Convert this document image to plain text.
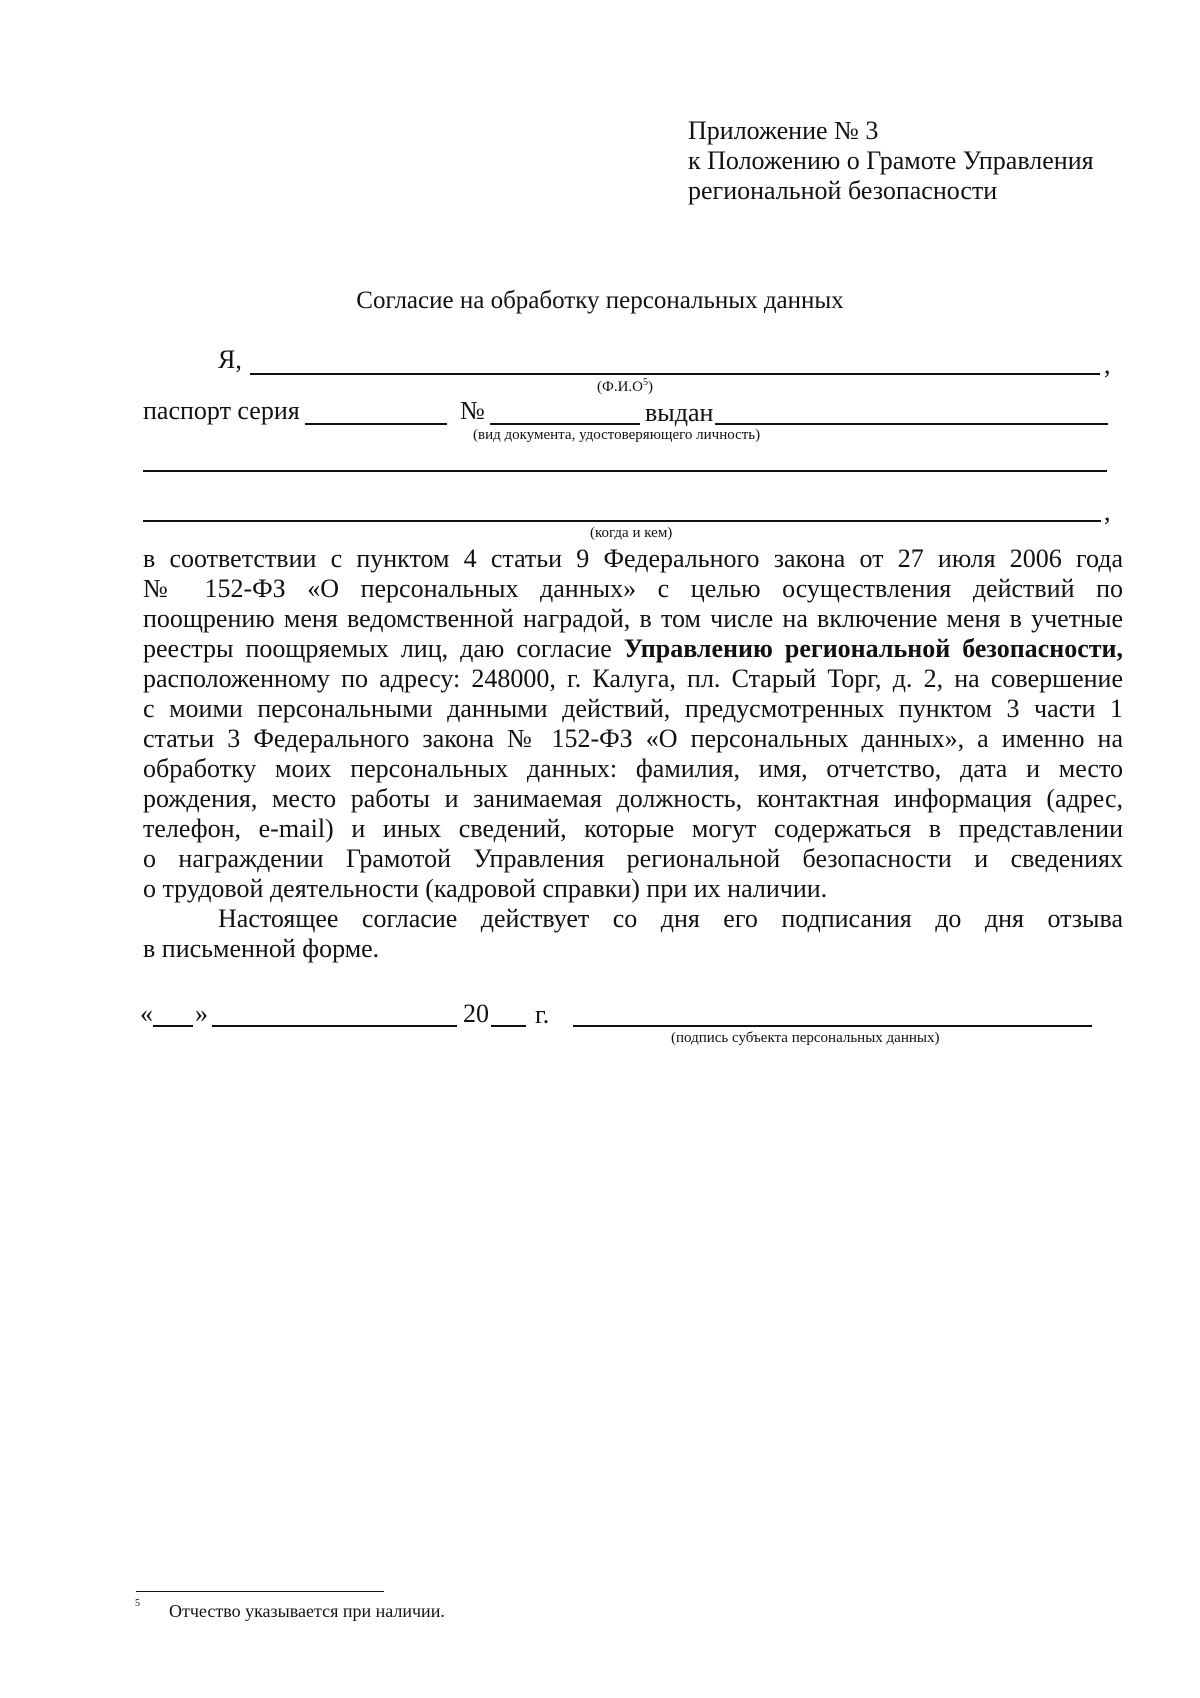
Приложение № 3
к Положению о Грамоте Управления
региональной безопасности
Согласие на обработку персональных данных
Я,	,
$(Ф.И.О^5)$
паспорт серия	№	выдан
(вид документа, удостоверяющего личность)
,
(когда и кем)
в соответствии с пунктом 4 статьи 9 Федерального закона от 27 июля 2006 года
№ 152-ФЗ «О персональных данных» с целью осуществления действий по
поощрению меня ведомственной наградой, в том числе на включение меня в учетные
реестры поощряемых лиц, даю согласие Управлению региональной безопасности,
расположенному по адресу: 248000, г. Калуга, пл. Старый Торг, д. 2, на совершение
с моими персональными данными действий, предусмотренных пунктом 3 части 1
статьи 3 Федерального закона № 152-ФЗ «О персональных данных», а именно на
обработку моих персональных данных: фамилия, имя, отчетство, дата и место
рождения, место работы и занимаемая должность, контактная информация (адрес,
телефон, e-mail) и иных сведений, которые могут содержаться в представлении
о награждении Грамотой Управления региональной безопасности и сведениях
о трудовой деятельности (кадровой справки) при их наличии.
Настоящее согласие действует со дня его подписания до дня отзыва
в письменной форме.
« »	20 г.
(подпись субъекта персональных данных)
5 Отчество указывается при наличии.
